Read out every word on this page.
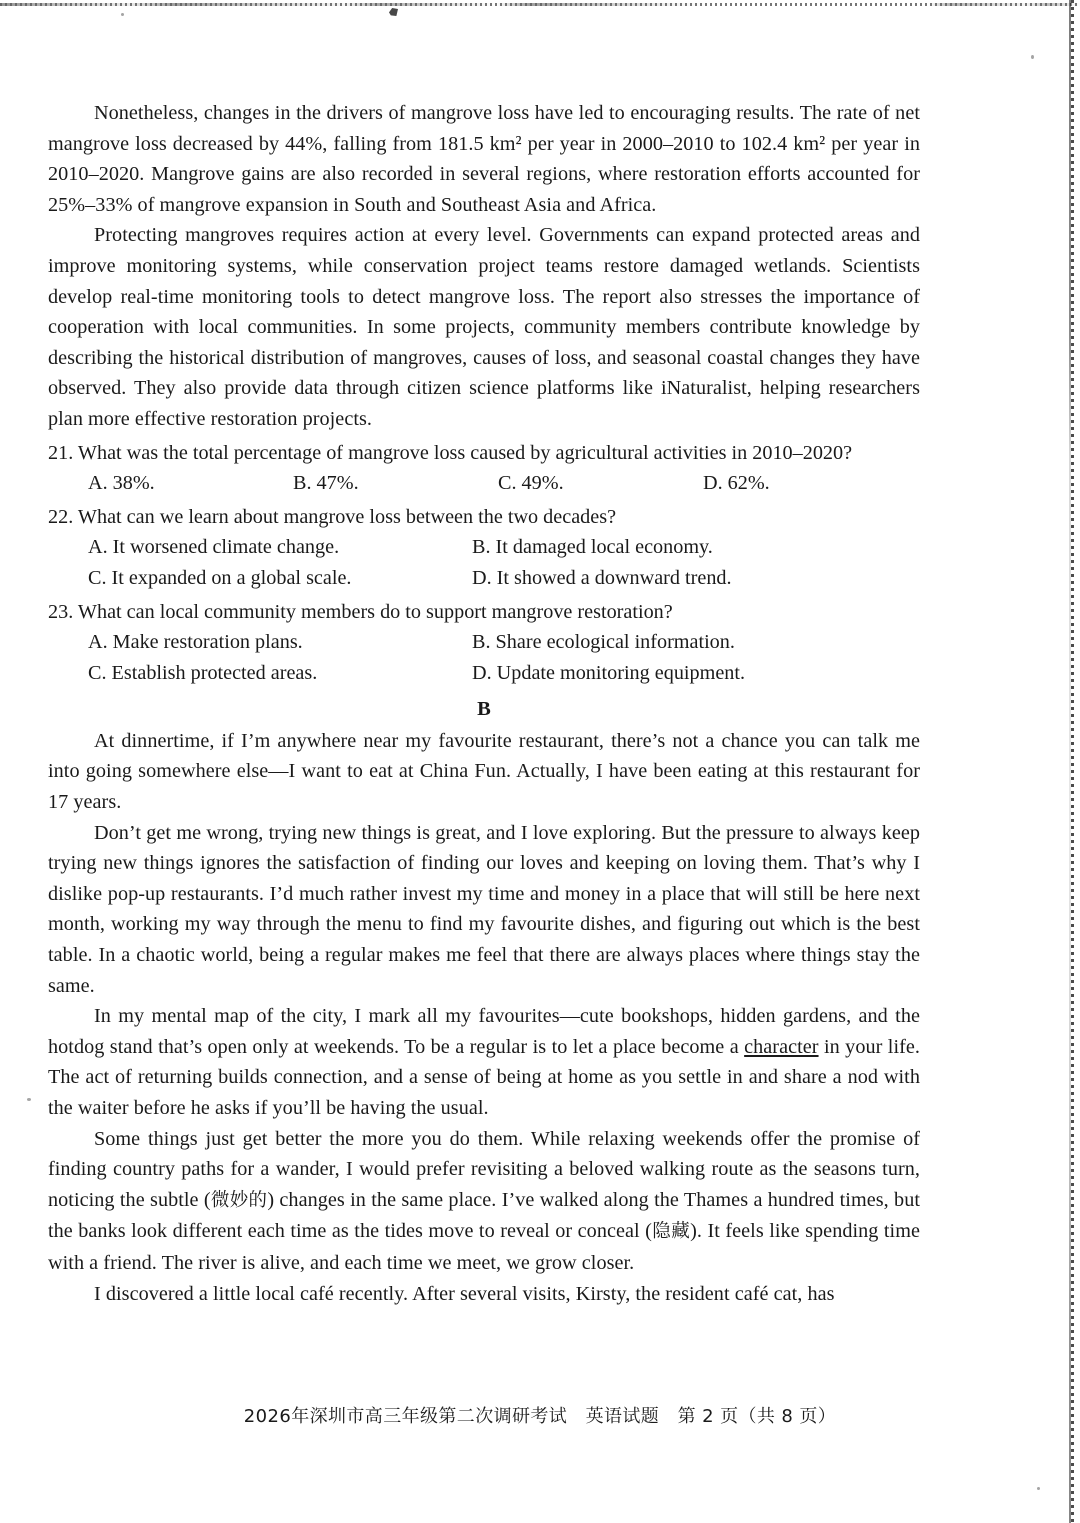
Nonetheless, changes in the drivers of mangrove loss have led to encouraging results. The rate of net mangrove loss decreased by 44%, falling from 181.5 km² per year in 2000–2010 to 102.4 km² per year in 2010–2020. Mangrove gains are also recorded in several regions, where restoration efforts accounted for 25%–33% of mangrove expansion in South and Southeast Asia and Africa.

Protecting mangroves requires action at every level. Governments can expand protected areas and improve monitoring systems, while conservation project teams restore damaged wetlands. Scientists develop real-time monitoring tools to detect mangrove loss. The report also stresses the importance of cooperation with local communities. In some projects, community members contribute knowledge by describing the historical distribution of mangroves, causes of loss, and seasonal coastal changes they have observed. They also provide data through citizen science platforms like iNaturalist, helping researchers plan more effective restoration projects.

21. What was the total percentage of mangrove loss caused by agricultural activities in 2010–2020?
A. 38%.	B. 47%.	C. 49%.	D. 62%.
22. What can we learn about mangrove loss between the two decades?
A. It worsened climate change.	B. It damaged local economy.
C. It expanded on a global scale.	D. It showed a downward trend.
23. What can local community members do to support mangrove restoration?
A. Make restoration plans.	B. Share ecological information.
C. Establish protected areas.	D. Update monitoring equipment.
B

At dinnertime, if I’m anywhere near my favourite restaurant, there’s not a chance you can talk me into going somewhere else—I want to eat at China Fun. Actually, I have been eating at this restaurant for 17 years.

Don’t get me wrong, trying new things is great, and I love exploring. But the pressure to always keep trying new things ignores the satisfaction of finding our loves and keeping on loving them. That’s why I dislike pop-up restaurants. I’d much rather invest my time and money in a place that will still be here next month, working my way through the menu to find my favourite dishes, and figuring out which is the best table. In a chaotic world, being a regular makes me feel that there are always places where things stay the same.

In my mental map of the city, I mark all my favourites—cute bookshops, hidden gardens, and the hotdog stand that’s open only at weekends. To be a regular is to let a place become a character in your life. The act of returning builds connection, and a sense of being at home as you settle in and share a nod with the waiter before he asks if you’ll be having the usual.

Some things just get better the more you do them. While relaxing weekends offer the promise of finding country paths for a wander, I would prefer revisiting a beloved walking route as the seasons turn, noticing the subtle (微妙的) changes in the same place. I’ve walked along the Thames a hundred times, but the banks look different each time as the tides move to reveal or conceal (隐藏). It feels like spending time with a friend. The river is alive, and each time we meet, we grow closer.

I discovered a little local café recently. After several visits, Kirsty, the resident café cat, has

2026年深圳市高三年级第二次调研考试　英语试题　第 2 页（共 8 页）
